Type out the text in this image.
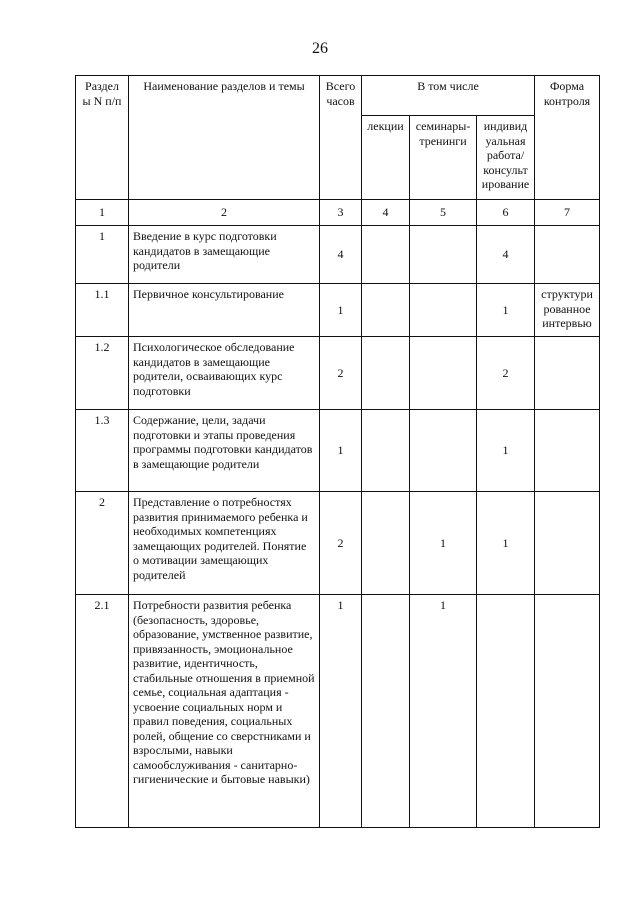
26
Раздел ы N п/п	Наименование разделов и темы	Всего часов	В том числе			Форма контроля
			лекции	семинары-тренинги	индивид уальная работа/ консульт ирование	
1	2	3	4	5	6	7
1	Введение в курс подготовки кандидатов в замещающие родители	4			4	
1.1	Первичное консультирование	1			1	структури рованное интервью
1.2	Психологическое обследование кандидатов в замещающие родители, осваивающих курс подготовки	2			2	
1.3	Содержание, цели, задачи подготовки и этапы проведения программы подготовки кандидатов в замещающие родители	1			1	
2	Представление о потребностях развития принимаемого ребенка и необходимых компетенциях замещающих родителей. Понятие о мотивации замещающих родителей	2		1	1	
2.1	Потребности развития ребенка (безопасность, здоровье, образование, умственное развитие, привязанность, эмоциональное развитие, идентичность, стабильные отношения в приемной семье, социальная адаптация - усвоение социальных норм и правил поведения, социальных ролей, общение со сверстниками и взрослыми, навыки самообслуживания - санитарно-гигиенические и бытовые навыки)	1		1		
